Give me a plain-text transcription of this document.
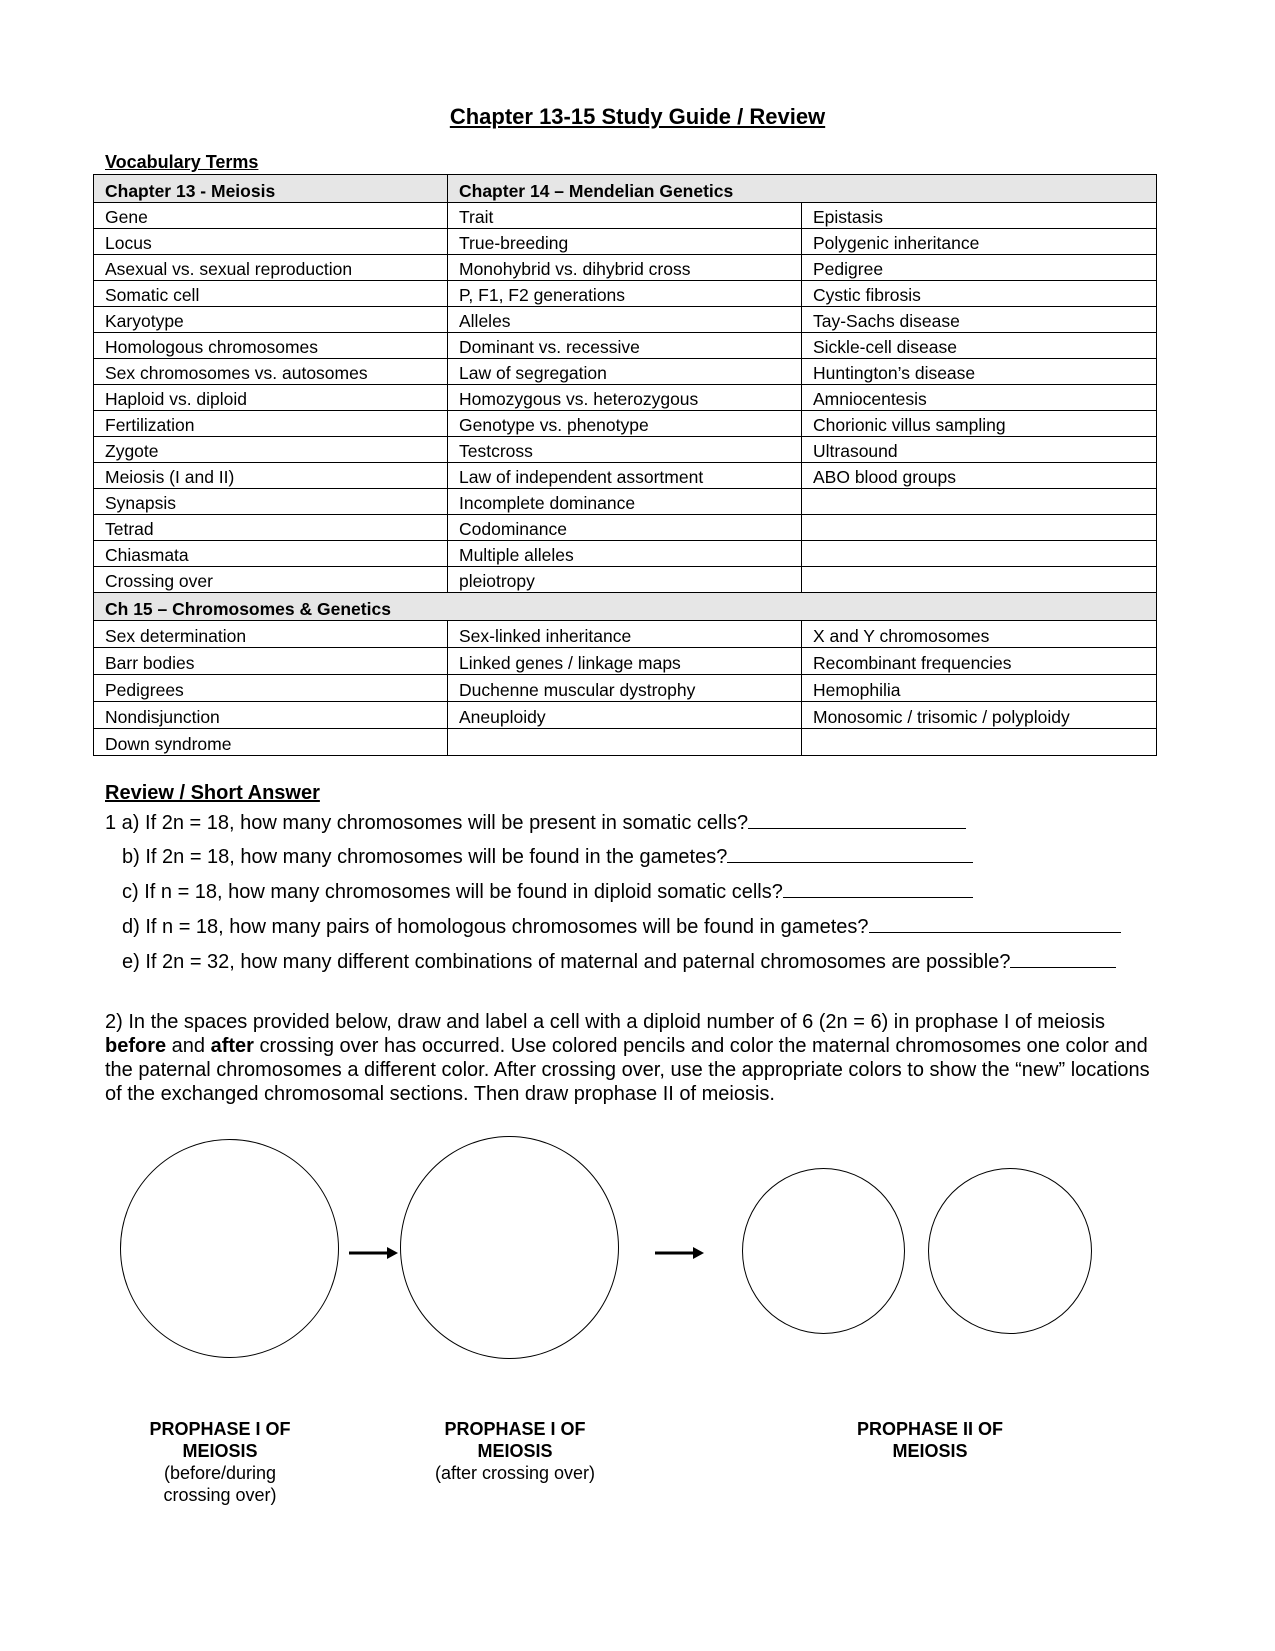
Chapter 13-15 Study Guide / Review
Vocabulary Terms
Chapter 13 - Meiosis	Chapter 14 – Mendelian Genetics	
Gene	Trait	Epistasis
Locus	True-breeding	Polygenic inheritance
Asexual vs. sexual reproduction	Monohybrid vs. dihybrid cross	Pedigree
Somatic cell	P, F1, F2 generations	Cystic fibrosis
Karyotype	Alleles	Tay-Sachs disease
Homologous chromosomes	Dominant vs. recessive	Sickle-cell disease
Sex chromosomes vs. autosomes	Law of segregation	Huntington’s disease
Haploid vs. diploid	Homozygous vs. heterozygous	Amniocentesis
Fertilization	Genotype vs. phenotype	Chorionic villus sampling
Zygote	Testcross	Ultrasound
Meiosis (I and II)	Law of independent assortment	ABO blood groups
Synapsis	Incomplete dominance	
Tetrad	Codominance	
Chiasmata	Multiple alleles	
Crossing over	pleiotropy	
Ch 15 – Chromosomes & Genetics		
Sex determination	Sex-linked inheritance	X and Y chromosomes
Barr bodies	Linked genes / linkage maps	Recombinant frequencies
Pedigrees	Duchenne muscular dystrophy	Hemophilia
Nondisjunction	Aneuploidy	Monosomic / trisomic / polyploidy
Down syndrome		
Review / Short Answer
1 a) If 2n = 18, how many chromosomes will be present in somatic cells?
b) If 2n = 18, how many chromosomes will be found in the gametes?
c) If n = 18, how many chromosomes will be found in diploid somatic cells?
d) If n = 18, how many pairs of homologous chromosomes will be found in gametes?
e) If 2n = 32, how many different combinations of maternal and paternal chromosomes are possible?
2) In the spaces provided below, draw and label a cell with a diploid number of 6 (2n = 6) in prophase I of meiosis before and after crossing over has occurred. Use colored pencils and color the maternal chromosomes one color and the paternal chromosomes a different color. After crossing over, use the appropriate colors to show the “new” locations of the exchanged chromosomal sections. Then draw prophase II of meiosis.
PROPHASE I OF
MEIOSIS
(before/during
crossing over)
PROPHASE I OF
MEIOSIS
(after crossing over)
PROPHASE II OF
MEIOSIS
